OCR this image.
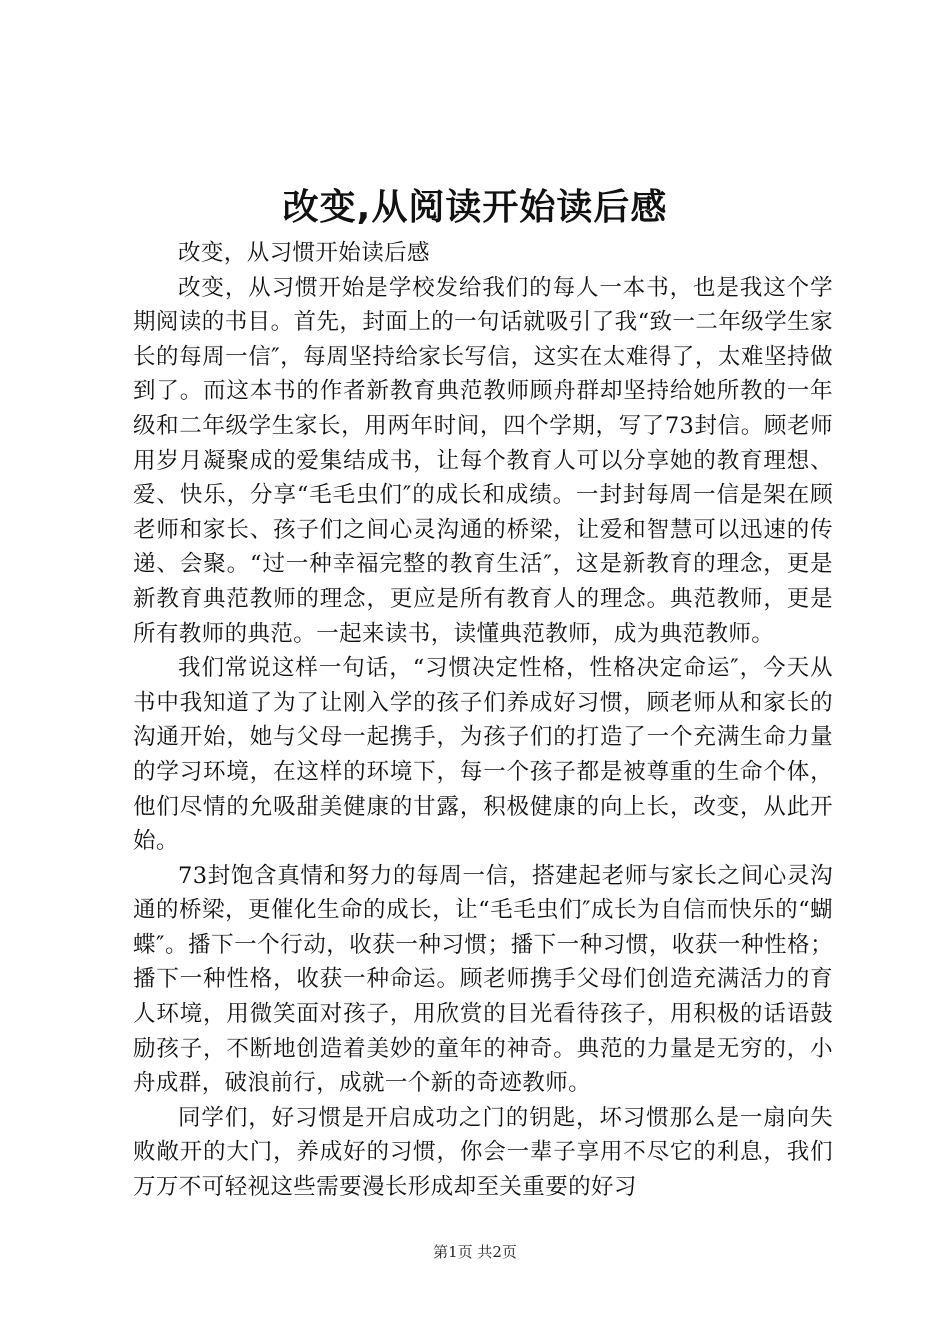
改变,从阅读开始读后感

改变，从习惯开始读后感

改变，从习惯开始是学校发给我们的每人一本书，也是我这个学期阅读的书目。首先，封面上的一句话就吸引了我“致一二年级学生家长的每周一信″，每周坚持给家长写信，这实在太难得了，太难坚持做到了。而这本书的作者新教育典范教师顾舟群却坚持给她所教的一年级和二年级学生家长，用两年时间，四个学期，写了73封信。顾老师用岁月凝聚成的爱集结成书，让每个教育人可以分享她的教育理想、爱、快乐，分享“毛毛虫们″的成长和成绩。一封封每周一信是架在顾老师和家长、孩子们之间心灵沟通的桥梁，让爱和智慧可以迅速的传递、会聚。“过一种幸福完整的教育生活″，这是新教育的理念，更是新教育典范教师的理念，更应是所有教育人的理念。典范教师，更是所有教师的典范。一起来读书，读懂典范教师，成为典范教师。

我们常说这样一句话，“习惯决定性格，性格决定命运″，今天从书中我知道了为了让刚入学的孩子们养成好习惯，顾老师从和家长的沟通开始，她与父母一起携手，为孩子们的打造了一个充满生命力量的学习环境，在这样的环境下，每一个孩子都是被尊重的生命个体，他们尽情的允吸甜美健康的甘露，积极健康的向上长，改变，从此开始。

73封饱含真情和努力的每周一信，搭建起老师与家长之间心灵沟通的桥梁，更催化生命的成长，让“毛毛虫们″成长为自信而快乐的“蝴蝶″。播下一个行动，收获一种习惯；播下一种习惯，收获一种性格；播下一种性格，收获一种命运。顾老师携手父母们创造充满活力的育人环境，用微笑面对孩子，用欣赏的目光看待孩子，用积极的话语鼓励孩子，不断地创造着美妙的童年的神奇。典范的力量是无穷的，小舟成群，破浪前行，成就一个新的奇迹教师。

同学们，好习惯是开启成功之门的钥匙，坏习惯那么是一扇向失败敞开的大门，养成好的习惯，你会一辈子享用不尽它的利息，我们万万不可轻视这些需要漫长形成却至关重要的好习

第1页 共2页
